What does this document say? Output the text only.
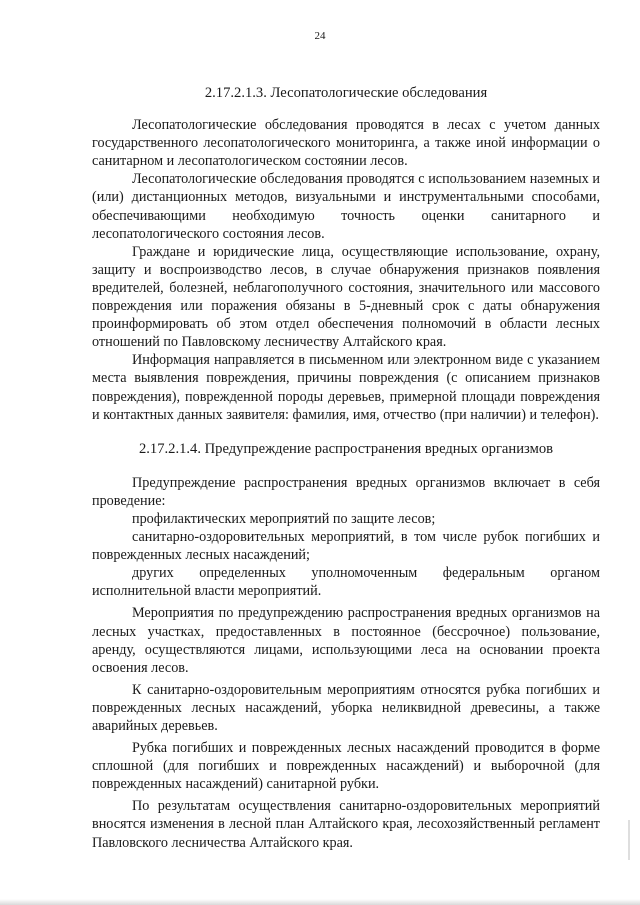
24
2.17.2.1.3. Лесопатологические обследования

Лесопатологические обследования проводятся в лесах с учетом данных государственного лесопатологического мониторинга, а также иной информации о санитарном и лесопатологическом состоянии лесов.

Лесопатологические обследования проводятся с использованием наземных и (или) дистанционных методов, визуальными и инструментальными способами, обеспечивающими необходимую точность оценки санитарного и лесопатологического состояния лесов.

Граждане и юридические лица, осуществляющие использование, охрану, защиту и воспроизводство лесов, в случае обнаружения признаков появления вредителей, болезней, неблагополучного состояния, значительного или массового повреждения или поражения обязаны в 5-дневный срок с даты обнаружения проинформировать об этом отдел обеспечения полномочий в области лесных отношений по Павловскому лесничеству Алтайского края.

Информация направляется в письменном или электронном виде с указанием места выявления повреждения, причины повреждения (с описанием признаков повреждения), поврежденной породы деревьев, примерной площади повреждения и контактных данных заявителя: фамилия, имя, отчество (при наличии) и телефон).

2.17.2.1.4. Предупреждение распространения вредных организмов

Предупреждение распространения вредных организмов включает в себя проведение:

профилактических мероприятий по защите лесов;

санитарно-оздоровительных мероприятий, в том числе рубок погибших и поврежденных лесных насаждений;

других определенных уполномоченным федеральным органом исполнительной власти мероприятий.

Мероприятия по предупреждению распространения вредных организмов на лесных участках, предоставленных в постоянное (бессрочное) пользование, аренду, осуществляются лицами, использующими леса на основании проекта освоения лесов.

К санитарно-оздоровительным мероприятиям относятся рубка погибших и поврежденных лесных насаждений, уборка неликвидной древесины, а также аварийных деревьев.

Рубка погибших и поврежденных лесных насаждений проводится в форме сплошной (для погибших и поврежденных насаждений) и выборочной (для поврежденных насаждений) санитарной рубки.

По результатам осуществления санитарно-оздоровительных мероприятий вносятся изменения в лесной план Алтайского края, лесохозяйственный регламент Павловского лесничества Алтайского края.
